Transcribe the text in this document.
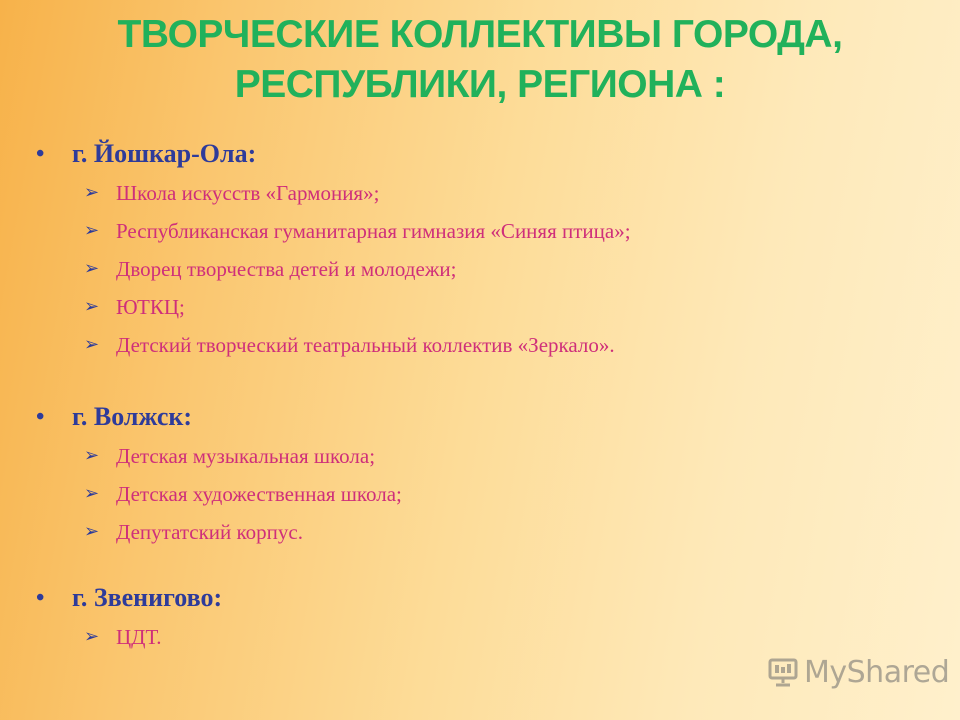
ТВОРЧЕСКИЕ КОЛЛЕКТИВЫ ГОРОДА,
РЕСПУБЛИКИ, РЕГИОНА :
• г. Йошкар-Ола:
➢ Школа искусств «Гармония»;
➢ Республиканская гуманитарная гимназия «Синяя птица»;
➢ Дворец творчества детей и молодежи;
➢ ЮТКЦ;
➢ Детский творческий театральный коллектив «Зеркало».
• г. Волжск:
➢ Детская музыкальная школа;
➢ Детская художественная школа;
➢ Депутатский корпус.
• г. Звенигово:
➢ ЦДТ.
MyShared
